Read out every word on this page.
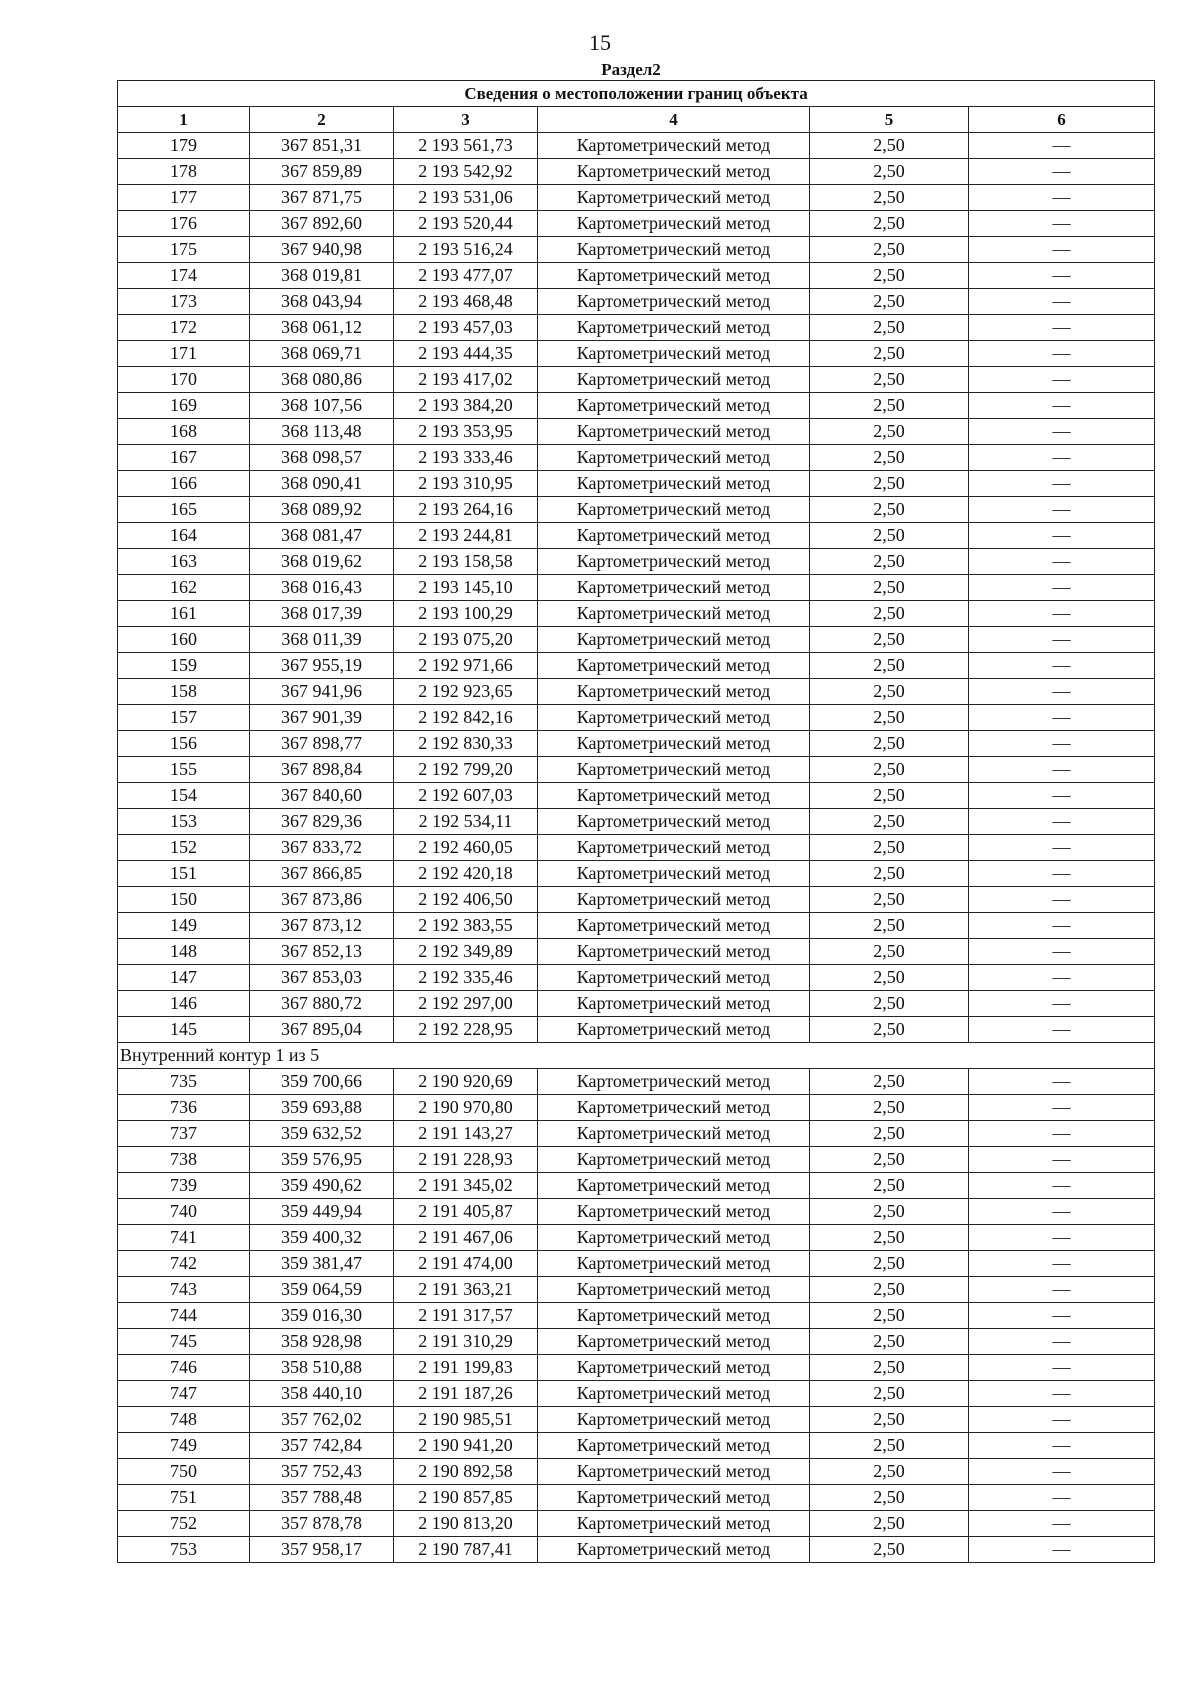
15
Раздел2
Сведения о местоположении границ объекта					
1	2	3	4	5	6
179	367 851,31	2 193 561,73	Картометрический метод	2,50	—
178	367 859,89	2 193 542,92	Картометрический метод	2,50	—
177	367 871,75	2 193 531,06	Картометрический метод	2,50	—
176	367 892,60	2 193 520,44	Картометрический метод	2,50	—
175	367 940,98	2 193 516,24	Картометрический метод	2,50	—
174	368 019,81	2 193 477,07	Картометрический метод	2,50	—
173	368 043,94	2 193 468,48	Картометрический метод	2,50	—
172	368 061,12	2 193 457,03	Картометрический метод	2,50	—
171	368 069,71	2 193 444,35	Картометрический метод	2,50	—
170	368 080,86	2 193 417,02	Картометрический метод	2,50	—
169	368 107,56	2 193 384,20	Картометрический метод	2,50	—
168	368 113,48	2 193 353,95	Картометрический метод	2,50	—
167	368 098,57	2 193 333,46	Картометрический метод	2,50	—
166	368 090,41	2 193 310,95	Картометрический метод	2,50	—
165	368 089,92	2 193 264,16	Картометрический метод	2,50	—
164	368 081,47	2 193 244,81	Картометрический метод	2,50	—
163	368 019,62	2 193 158,58	Картометрический метод	2,50	—
162	368 016,43	2 193 145,10	Картометрический метод	2,50	—
161	368 017,39	2 193 100,29	Картометрический метод	2,50	—
160	368 011,39	2 193 075,20	Картометрический метод	2,50	—
159	367 955,19	2 192 971,66	Картометрический метод	2,50	—
158	367 941,96	2 192 923,65	Картометрический метод	2,50	—
157	367 901,39	2 192 842,16	Картометрический метод	2,50	—
156	367 898,77	2 192 830,33	Картометрический метод	2,50	—
155	367 898,84	2 192 799,20	Картометрический метод	2,50	—
154	367 840,60	2 192 607,03	Картометрический метод	2,50	—
153	367 829,36	2 192 534,11	Картометрический метод	2,50	—
152	367 833,72	2 192 460,05	Картометрический метод	2,50	—
151	367 866,85	2 192 420,18	Картометрический метод	2,50	—
150	367 873,86	2 192 406,50	Картометрический метод	2,50	—
149	367 873,12	2 192 383,55	Картометрический метод	2,50	—
148	367 852,13	2 192 349,89	Картометрический метод	2,50	—
147	367 853,03	2 192 335,46	Картометрический метод	2,50	—
146	367 880,72	2 192 297,00	Картометрический метод	2,50	—
145	367 895,04	2 192 228,95	Картометрический метод	2,50	—
Внутренний контур 1 из 5					
735	359 700,66	2 190 920,69	Картометрический метод	2,50	—
736	359 693,88	2 190 970,80	Картометрический метод	2,50	—
737	359 632,52	2 191 143,27	Картометрический метод	2,50	—
738	359 576,95	2 191 228,93	Картометрический метод	2,50	—
739	359 490,62	2 191 345,02	Картометрический метод	2,50	—
740	359 449,94	2 191 405,87	Картометрический метод	2,50	—
741	359 400,32	2 191 467,06	Картометрический метод	2,50	—
742	359 381,47	2 191 474,00	Картометрический метод	2,50	—
743	359 064,59	2 191 363,21	Картометрический метод	2,50	—
744	359 016,30	2 191 317,57	Картометрический метод	2,50	—
745	358 928,98	2 191 310,29	Картометрический метод	2,50	—
746	358 510,88	2 191 199,83	Картометрический метод	2,50	—
747	358 440,10	2 191 187,26	Картометрический метод	2,50	—
748	357 762,02	2 190 985,51	Картометрический метод	2,50	—
749	357 742,84	2 190 941,20	Картометрический метод	2,50	—
750	357 752,43	2 190 892,58	Картометрический метод	2,50	—
751	357 788,48	2 190 857,85	Картометрический метод	2,50	—
752	357 878,78	2 190 813,20	Картометрический метод	2,50	—
753	357 958,17	2 190 787,41	Картометрический метод	2,50	—
